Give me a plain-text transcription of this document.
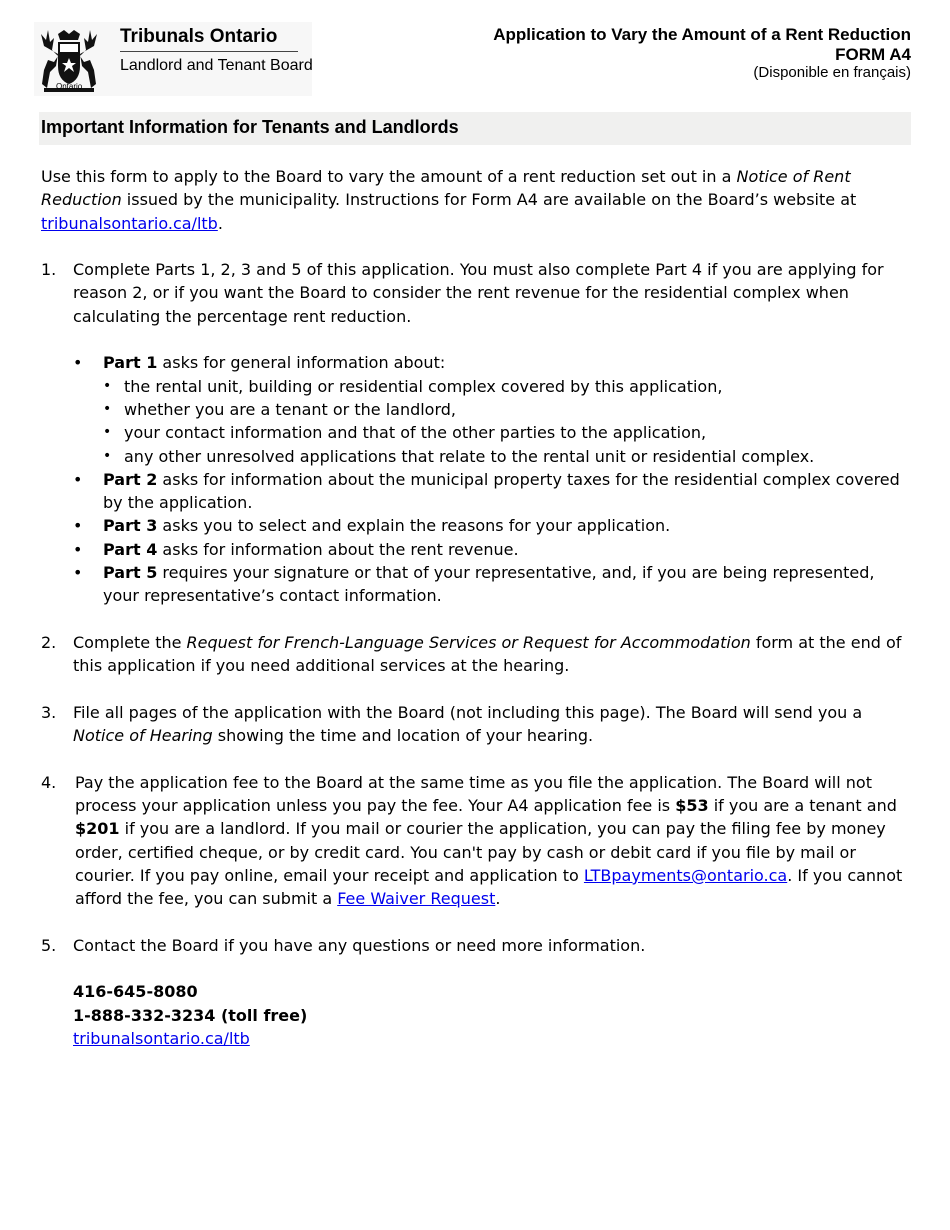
Tribunals Ontario
Landlord and Tenant Board
Ontario
Application to Vary the Amount of a Rent Reduction
FORM A4
(Disponible en français)
Important Information for Tenants and Landlords

Use this form to apply to the Board to vary the amount of a rent reduction set out in a Notice of Rent Reduction issued by the municipality. Instructions for Form A4 are available on the Board’s website at tribunalsontario.ca/ltb.

1. Complete Parts 1, 2, 3 and 5 of this application. You must also complete Part 4 if you are applying for reason 2, or if you want the Board to consider the rent revenue for the residential complex when calculating the percentage rent reduction.

• Part 1 asks for general information about:
• the rental unit, building or residential complex covered by this application,
• whether you are a tenant or the landlord,
• your contact information and that of the other parties to the application,
• any other unresolved applications that relate to the rental unit or residential complex.
• Part 2 asks for information about the municipal property taxes for the residential complex covered by the application.
• Part 3 asks you to select and explain the reasons for your application.
• Part 4 asks for information about the rent revenue.
• Part 5 requires your signature or that of your representative, and, if you are being represented, your representative’s contact information.
2. Complete the Request for French-Language Services or Request for Accommodation form at the end of this application if you need additional services at the hearing.

3. File all pages of the application with the Board (not including this page). The Board will send you a Notice of Hearing showing the time and location of your hearing.

4. Pay the application fee to the Board at the same time as you file the application. The Board will not process your application unless you pay the fee. Your A4 application fee is $53 if you are a tenant and $201 if you are a landlord. If you mail or courier the application, you can pay the filing fee by money order, certified cheque, or by credit card. You can't pay by cash or debit card if you file by mail or courier. If you pay online, email your receipt and application to LTBpayments@ontario.ca. If you cannot afford the fee, you can submit a Fee Waiver Request.

5. Contact the Board if you have any questions or need more information.

416-645-8080
1-888-332-3234 (toll free)
tribunalsontario.ca/ltb
